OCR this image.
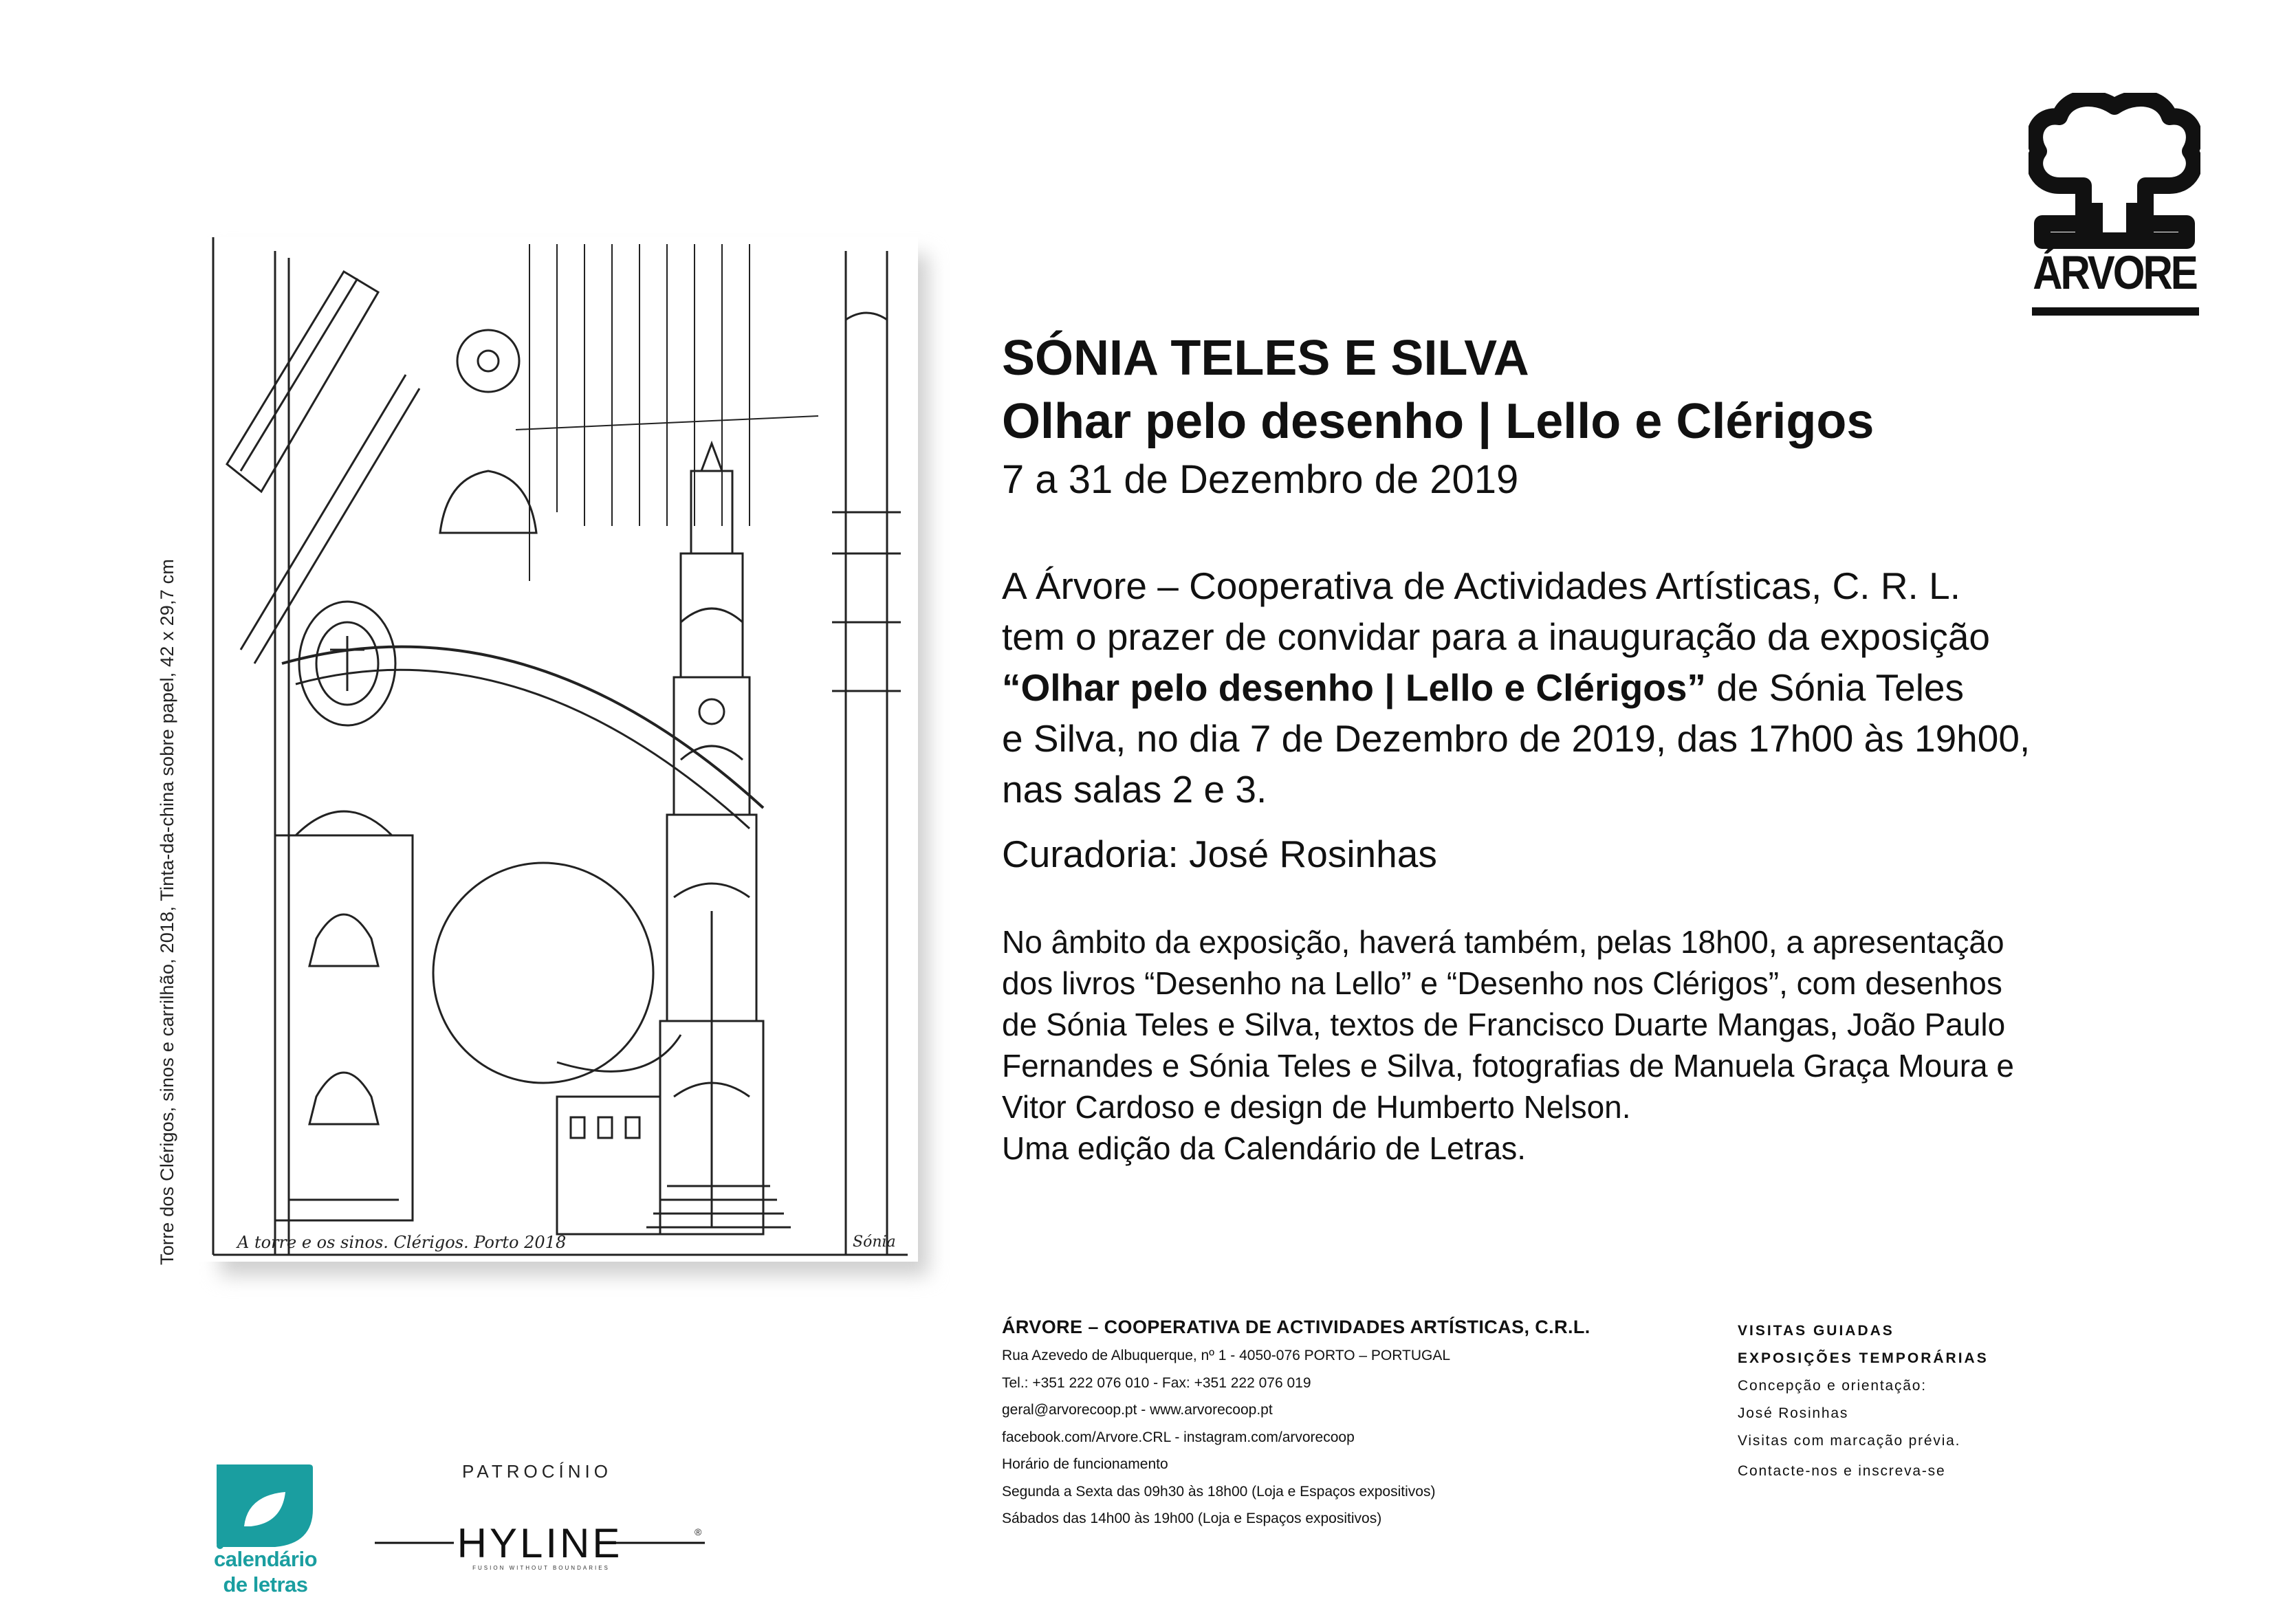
ÁRVORE
A torre e os sinos. Clérigos. Porto 2018	Sónia
Torre dos Clérigos, sinos e carrilhão, 2018, Tinta-da-china sobre papel, 42 x 29,7 cm
SÓNIA TELES E SILVA
Olhar pelo desenho | Lello e Clérigos
7 a 31 de Dezembro de 2019
A Árvore – Cooperativa de Actividades Artísticas, C. R. L.
tem o prazer de convidar para a inauguração da exposição
“Olhar pelo desenho | Lello e Clérigos” de Sónia Teles
e Silva, no dia 7 de Dezembro de 2019, das 17h00 às 19h00,
nas salas 2 e 3.
Curadoria: José Rosinhas
No âmbito da exposição, haverá também, pelas 18h00, a apresentação
dos livros “Desenho na Lello” e “Desenho nos Clérigos”, com desenhos
de Sónia Teles e Silva, textos de Francisco Duarte Mangas, João Paulo
Fernandes e Sónia Teles e Silva, fotografias de Manuela Graça Moura e
Vitor Cardoso e design de Humberto Nelson.
Uma edição da Calendário de Letras.
ÁRVORE – COOPERATIVA DE ACTIVIDADES ARTÍSTICAS, C.R.L.
Rua Azevedo de Albuquerque, nº 1 - 4050-076 PORTO – PORTUGAL
Tel.: +351 222 076 010 - Fax: +351 222 076 019
geral@arvorecoop.pt - www.arvorecoop.pt
facebook.com/Arvore.CRL - instagram.com/arvorecoop
Horário de funcionamento
Segunda a Sexta das 09h30 às 18h00 (Loja e Espaços expositivos)
Sábados das 14h00 às 19h00 (Loja e Espaços expositivos)
VISITAS GUIADAS
EXPOSIÇÕES TEMPORÁRIAS
Concepção e orientação:
José Rosinhas
Visitas com marcação prévia.
Contacte-nos e inscreva-se
calendário
de letras
PATROCÍNIO
HYLINE
FUSION WITHOUT BOUNDARIES
®
